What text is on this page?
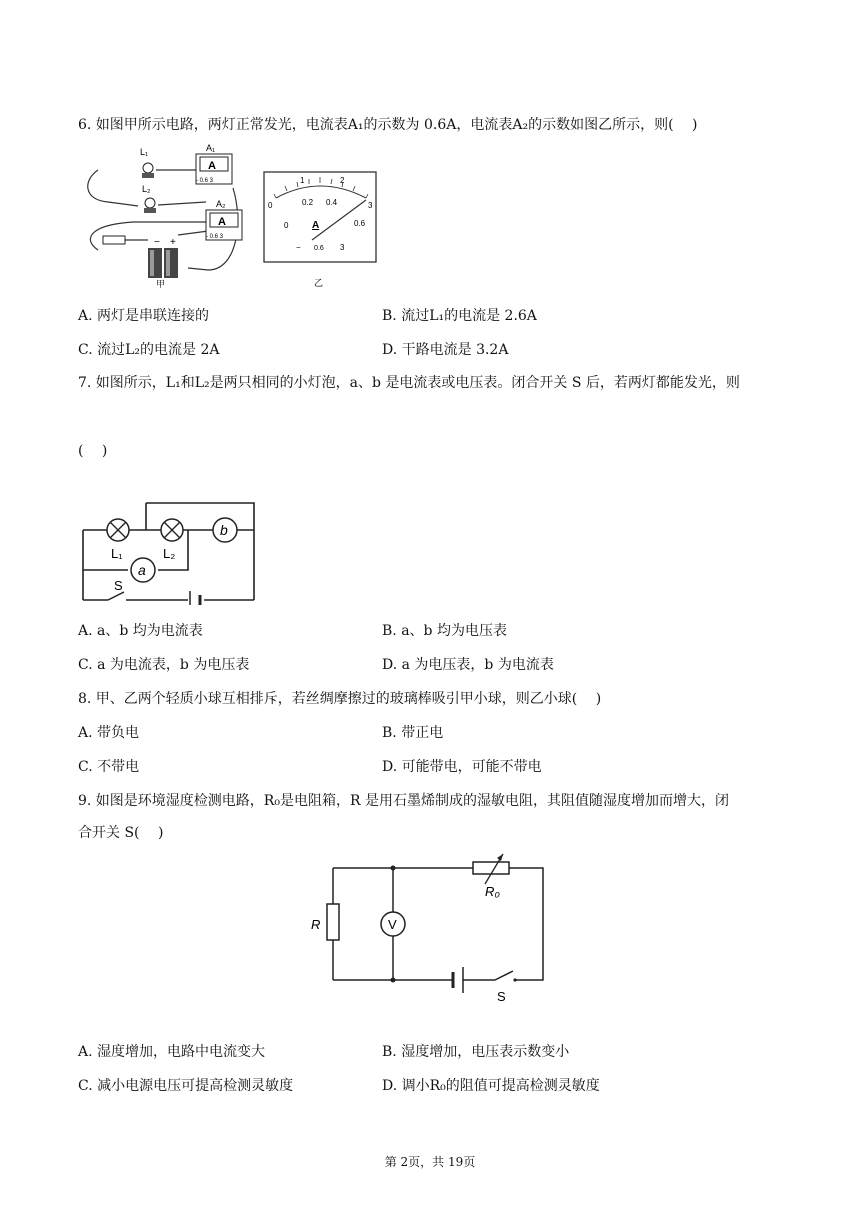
6. 如图甲所示电路，两灯正常发光，电流表A₁的示数为 0.6A，电流表A₂的示数如图乙所示，则(　 )
L₁
L₂
A
- 0.6 3
A₁
A
- 0.6 3
A₂
− +
甲
0
1	2
3
0
0.2 0.4
0.6
A
− 0.6 3
乙
A. 两灯是串联连接的	B. 流过L₁的电流是 2.6A
C. 流过L₂的电流是 2A	D. 干路电流是 3.2A
7. 如图所示，L₁和L₂是两只相同的小灯泡，a、b 是电流表或电压表。闭合开关 S 后，若两灯都能发光，则
(　 )
b
a
L₁	L₂
S
A. a、b 均为电流表	B. a、b 均为电压表
C. a 为电流表，b 为电压表	D. a 为电压表，b 为电流表
8. 甲、乙两个轻质小球互相排斥，若丝绸摩擦过的玻璃棒吸引甲小球，则乙小球(　 )
A. 带负电	B. 带正电
C. 不带电	D. 可能带电，可能不带电
9. 如图是环境湿度检测电路，R₀是电阻箱，R 是用石墨烯制成的湿敏电阻，其阻值随湿度增加而增大，闭
合开关 S(　 )
R	V
R₀
S
A. 湿度增加，电路中电流变大	B. 湿度增加，电压表示数变小
C. 减小电源电压可提高检测灵敏度	D. 调小R₀的阻值可提高检测灵敏度
第 2页，共 19页
